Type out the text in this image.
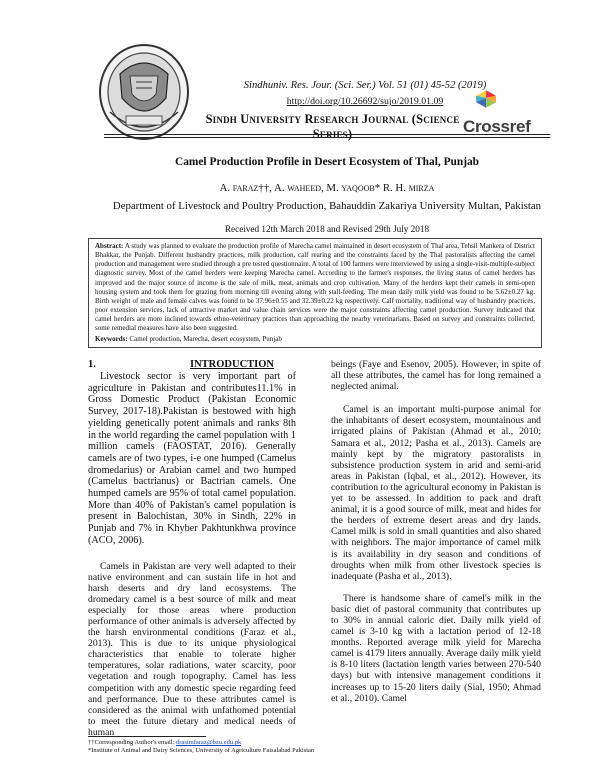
Sindhuniv. Res. Jour. (Sci. Ser.) Vol. 51 (01) 45-52 (2019)
http://doi.org/10.26692/sujo/2019.01.09
Sindh University Research Journal (Science Series)	Crossref
Camel Production Profile in Desert Ecosystem of Thal, Punjab
A. faraz††, A. waheed, M. yaqoob* R. H. mirza
Department of Livestock and Poultry Production, Bahauddin Zakariya University Multan, Pakistan
Received 12th March 2018 and Revised 29th July 2018
Abstract: A study was planned to evaluate the production profile of Marecha camel maintained in desert ecosystem of Thal area, Tehsil Mankera of District Bhakkar, the Punjab. Different husbandry practices, milk production, calf rearing and the constraints faced by the Thal pastoralists affecting the camel production and management were studied through a pre tested questionnaire. A total of 100 farmers were interviewed by using a single-visit-multiple-subject diagnostic survey. Most of the camel herders were keeping Marecha camel. According to the farmer's responses, the living status of camel herders has improved and the major source of income is the sale of milk, meat, animals and crop cultivation. Many of the herders kept their camels in semi-open housing system and took them for grazing from morning till evening along with stall-feeding. The mean daily milk yield was found to be 5.62±0.27 kg. Birth weight of male and female calves was found to be 37.96±0.55 and 32.39±0.22 kg respectively. Calf mortality, traditional way of husbandry practices, poor extension services, lack of attractive market and value chain services were the major constraints affecting camel production. Survey indicated that camel herders are more inclined towards ethno-veterinary practices than approaching the nearby veterinarians. Based on survey and constraints collected, some remedial measures have also been suggested.
Keywords: Camel production, Marecha, desert ecosystem, Punjab
1.	INTRODUCTION

Livestock sector is very important part of agriculture in Pakistan and contributes11.1% in Gross Domestic Product (Pakistan Economic Survey, 2017-18).Pakistan is bestowed with high yielding genetically potent animals and ranks 8th in the world regarding the camel population with 1 million camels (FAOSTAT, 2016). Generally camels are of two types, i-e one humped (Camelus dromedarius) or Arabian camel and two humped (Camelus bactrianus) or Bactrian camels. One humped camels are 95% of total camel population. More than 40% of Pakistan's camel population is present in Balochistan, 30% in Sindh, 22% in Punjab and 7% in Khyber Pakhtunkhwa province (ACO, 2006).

Camels in Pakistan are very well adapted to their native environment and can sustain life in hot and harsh deserts and dry land ecosystems. The dromedary camel is a best source of milk and meat especially for those areas where production performance of other animals is adversely affected by the harsh environmental conditions (Faraz et al., 2013). This is due to its unique physiological characteristics that enable to tolerate higher temperatures, solar radiations, water scarcity, poor vegetation and rough topography. Camel has less competition with any domestic specie regarding feed and performance. Due to these attributes camel is considered as the animal with unfathomed potential to meet the future dietary and medical needs of human

beings (Faye and Esenov, 2005). However, in spite of all these attributes, the camel has for long remained a neglected animal.

Camel is an important multi-purpose animal for the inhabitants of desert ecosystem, mountainous and irrigated plains of Pakistan (Ahmad et al., 2010; Samara et al., 2012; Pasha et al., 2013). Camels are mainly kept by the migratory pastoralists in subsistence production system in arid and semi-arid areas in Pakistan (Iqbal, et al., 2012). However, its contribution to the agricultural economy in Pakistan is yet to be assessed. In addition to pack and draft animal, it is a good source of milk, meat and hides for the herders of extreme desert areas and dry lands. Camel milk is sold in small quantities and also shared with neighbors. The major importance of camel milk is its availability in dry season and conditions of droughts when milk from other livestock species is inadequate (Pasha et al., 2013).

There is handsome share of camel's milk in the basic diet of pastoral community that contributes up to 30% in annual caloric diet. Daily milk yield of camel is 3-10 kg with a lactation period of 12-18 months. Reported average milk yield for Marecha camel is 4179 liters annually. Average daily milk yield is 8-10 liters (lactation length varies between 270-540 days) but with intensive management conditions it increases up to 15-20 liters daily (Sial, 1950; Ahmad et al., 2010). Camel

††Corresponding Author's email: drasimfaraz@bzu.edu.pk
*Institute of Animal and Dairy Sciences, University of Agriculture Faisalabad Pakistan
